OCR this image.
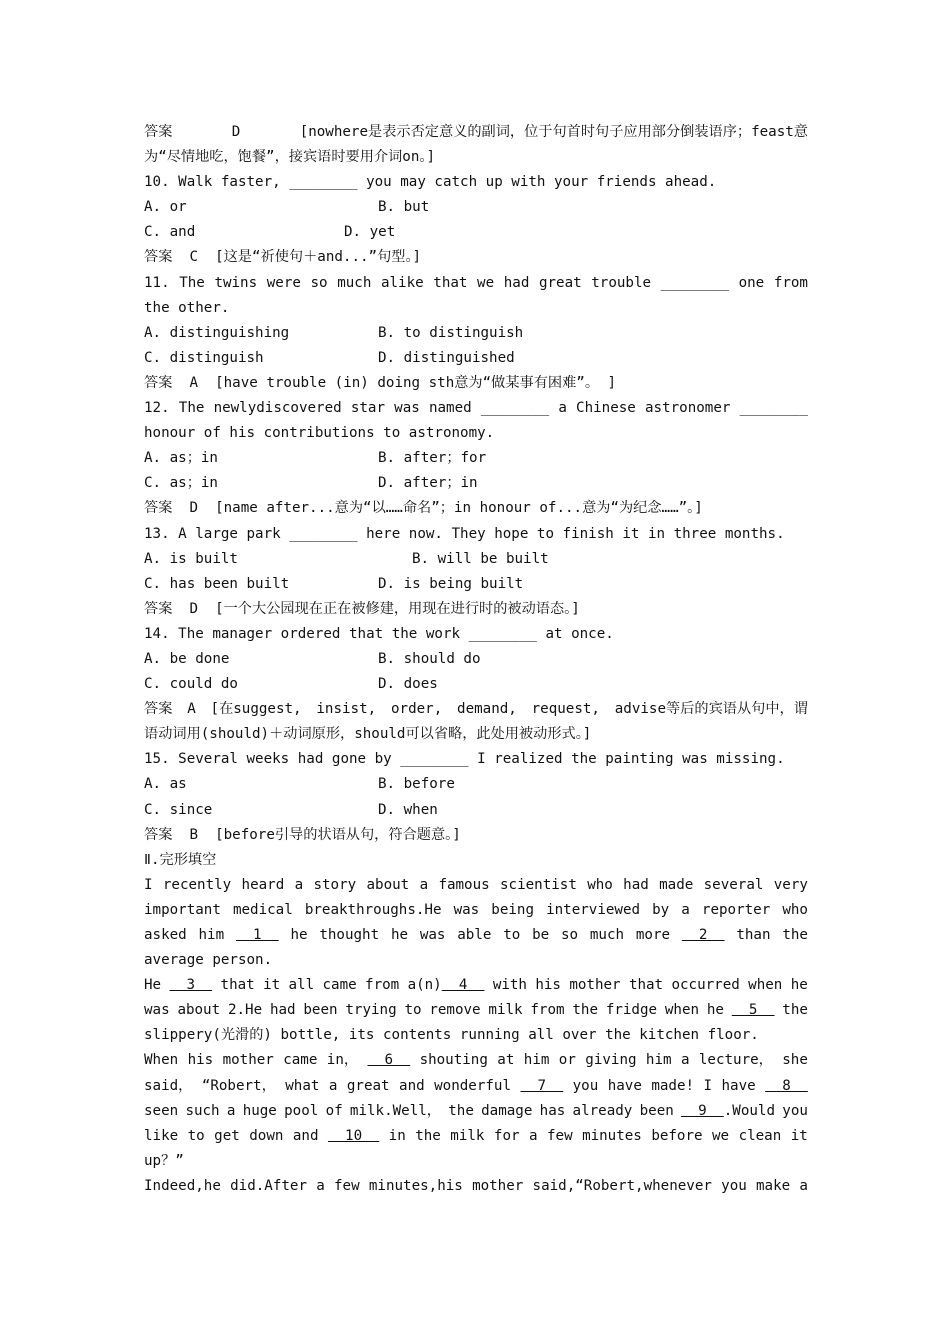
答案	D	[nowhere是表示否定意义的副词，位于句首时句子应用部分倒装语序；feast意
为“尽情地吃，饱餐”，接宾语时要用介词on。]
10. Walk faster, ________ you may catch up with your friends ahead.
A. or	B. but
C. and	D. yet
答案  C  [这是“祈使句＋and...”句型。]
11. The twins were so much alike that we had great trouble ________ one from
the other.
A. distinguishing	B. to distinguish
C. distinguish	D. distinguished
答案  A  [have trouble (in) doing sth意为“做某事有困难”。 ]
12. The newlydiscovered star was named ________ a Chinese astronomer ________
honour of his contributions to astronomy.
A. as；in	B. after；for
C. as；in	D. after；in
答案  D  [name after...意为“以……命名”；in honour of...意为“为纪念……”。]
13. A large park ________ here now. They hope to finish it in three months.
A. is built	B. will be built
C. has been built	D. is being built
答案  D  [一个大公园现在正在被修建，用现在进行时的被动语态。]
14. The manager ordered that the work ________ at once.
A. be done	B. should do
C. could do	D. does
答案 A [在suggest, insist, order, demand, request, advise等后的宾语从句中，谓
语动词用(should)＋动词原形，should可以省略，此处用被动形式。]
15. Several weeks had gone by ________ I realized the painting was missing.
A. as	B. before
C. since	D. when
答案  B  [before引导的状语从句，符合题意。]
Ⅱ.完形填空
I recently heard a story about a famous scientist who had made several very
important medical breakthroughs.He was being interviewed by a reporter who
asked him 1 he thought he was able to be so much more 2 than the
average person.
He 3 that it all came from a(n)  4 with his mother that occurred when he
was about 2.He had been trying to remove milk from the fridge when he 5 the
slippery(光滑的) bottle, its contents running all over the kitchen floor.
When his mother came in， 6 shouting at him or giving him a lecture， she
said， “Robert， what a great and wonderful 7 you have made! I have 8
seen such a huge pool of milk.Well， the damage has already been 9  .Would you
like to get down and 10 in the milk for a few minutes before we clean it
up？”
Indeed,he did.After a few minutes,his mother said,“Robert,whenever you make a
